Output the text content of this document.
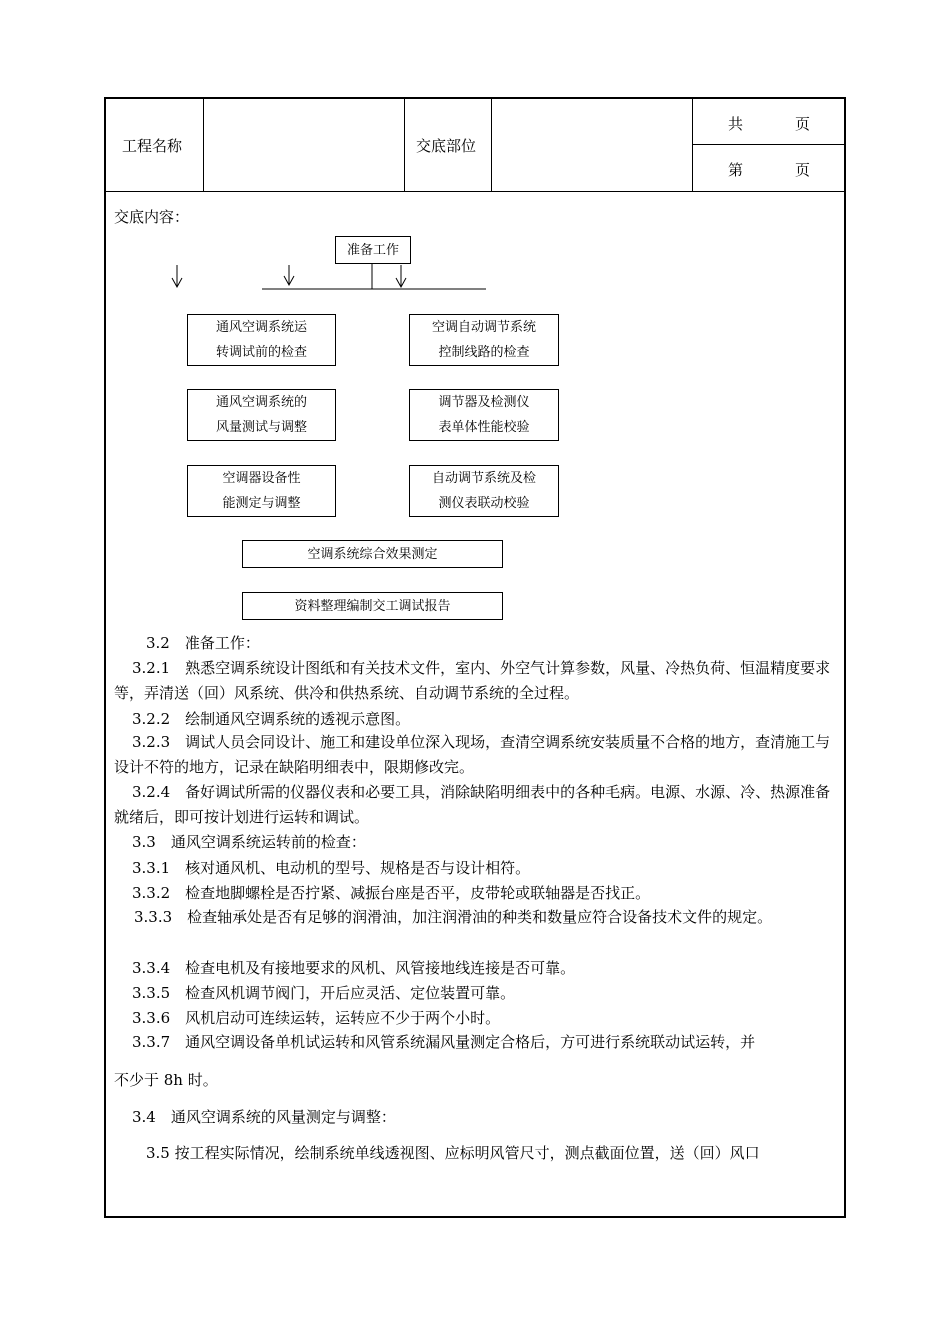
工程名称	交底部位
共	页
第	页
交底内容：
准备工作
通风空调系统运
转调试前的检查
通风空调系统的
风量测试与调整
空调器设备性
能测定与调整
空调自动调节系统
控制线路的检查
调节器及检测仪
表单体性能校验
自动调节系统及检
测仪表联动校验
空调系统综合效果测定
资料整理编制交工调试报告
3.2　准备工作：
3.2.1　熟悉空调系统设计图纸和有关技术文件，室内、外空气计算参数，风量、冷热负荷、恒温精度要求等，弄清送（回）风系统、供冷和供热系统、自动调节系统的全过程。
3.2.2　绘制通风空调系统的透视示意图。
3.2.3　调试人员会同设计、施工和建设单位深入现场，查清空调系统安装质量不合格的地方，查清施工与设计不符的地方，记录在缺陷明细表中，限期修改完。
3.2.4　备好调试所需的仪器仪表和必要工具，消除缺陷明细表中的各种毛病。电源、水源、冷、热源准备就绪后，即可按计划进行运转和调试。
3.3　通风空调系统运转前的检查：
3.3.1　核对通风机、电动机的型号、规格是否与设计相符。
3.3.2　检查地脚螺栓是否拧紧、减振台座是否平，皮带轮或联轴器是否找正。
3.3.3　检查轴承处是否有足够的润滑油，加注润滑油的种类和数量应符合设备技术文件的规定。
3.3.4　检查电机及有接地要求的风机、风管接地线连接是否可靠。
3.3.5　检查风机调节阀门，开后应灵活、定位装置可靠。
3.3.6　风机启动可连续运转，运转应不少于两个小时。
3.3.7　通风空调设备单机试运转和风管系统漏风量测定合格后，方可进行系统联动试运转，并
不少于 8h 时。
3.4　通风空调系统的风量测定与调整：
3.5 按工程实际情况，绘制系统单线透视图、应标明风管尺寸，测点截面位置，送（回）风口
